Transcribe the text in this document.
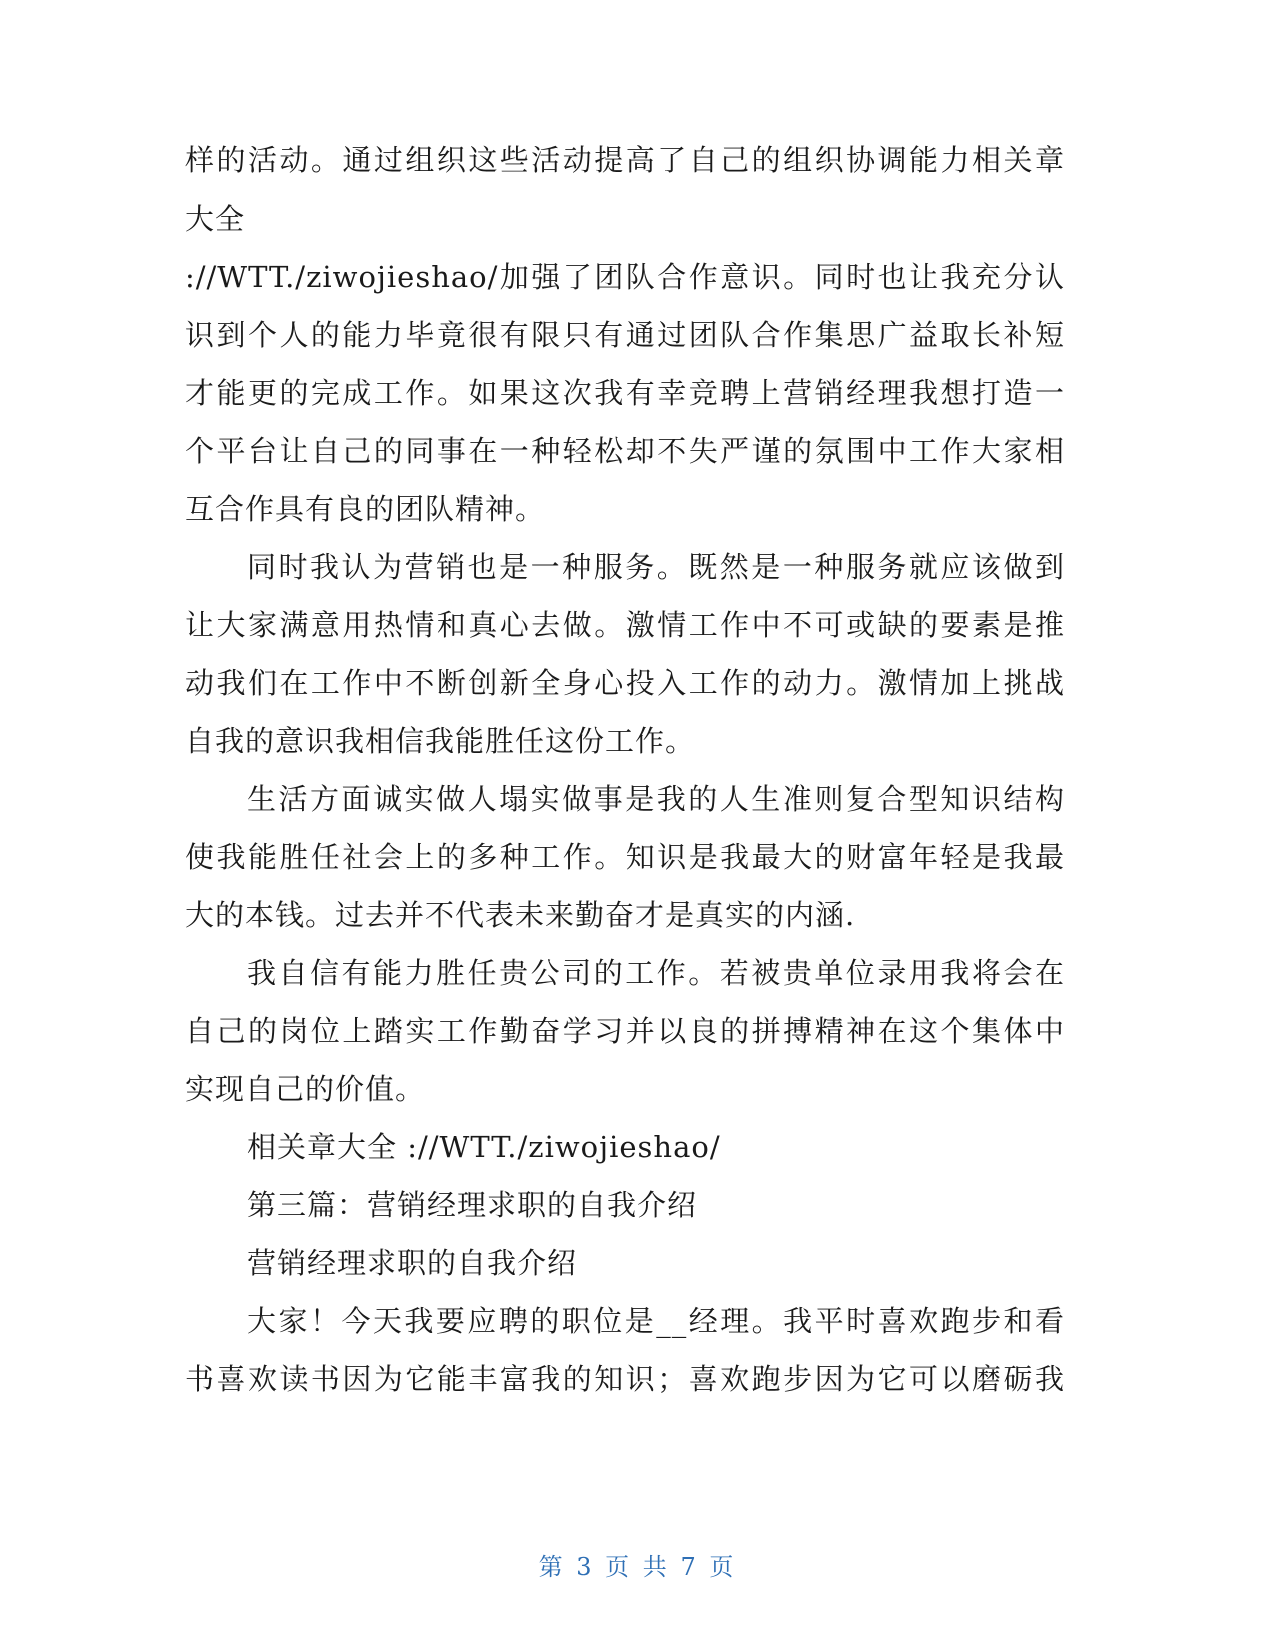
样的活动。通过组织这些活动提高了自己的组织协调能力相关章
大全
://WTT./ziwojieshao/加强了团队合作意识。同时也让我充分认
识到个人的能力毕竟很有限只有通过团队合作集思广益取长补短
才能更的完成工作。如果这次我有幸竞聘上营销经理我想打造一
个平台让自己的同事在一种轻松却不失严谨的氛围中工作大家相
互合作具有良的团队精神。
同时我认为营销也是一种服务。既然是一种服务就应该做到
让大家满意用热情和真心去做。激情工作中不可或缺的要素是推
动我们在工作中不断创新全身心投入工作的动力。激情加上挑战
自我的意识我相信我能胜任这份工作。
生活方面诚实做人塌实做事是我的人生准则复合型知识结构
使我能胜任社会上的多种工作。知识是我最大的财富年轻是我最
大的本钱。过去并不代表未来勤奋才是真实的内涵.
我自信有能力胜任贵公司的工作。若被贵单位录用我将会在
自己的岗位上踏实工作勤奋学习并以良的拼搏精神在这个集体中
实现自己的价值。
相关章大全 ://WTT./ziwojieshao/
第三篇：营销经理求职的自我介绍
营销经理求职的自我介绍
大家！今天我要应聘的职位是__经理。我平时喜欢跑步和看
书喜欢读书因为它能丰富我的知识；喜欢跑步因为它可以磨砺我
第 3 页 共 7 页
